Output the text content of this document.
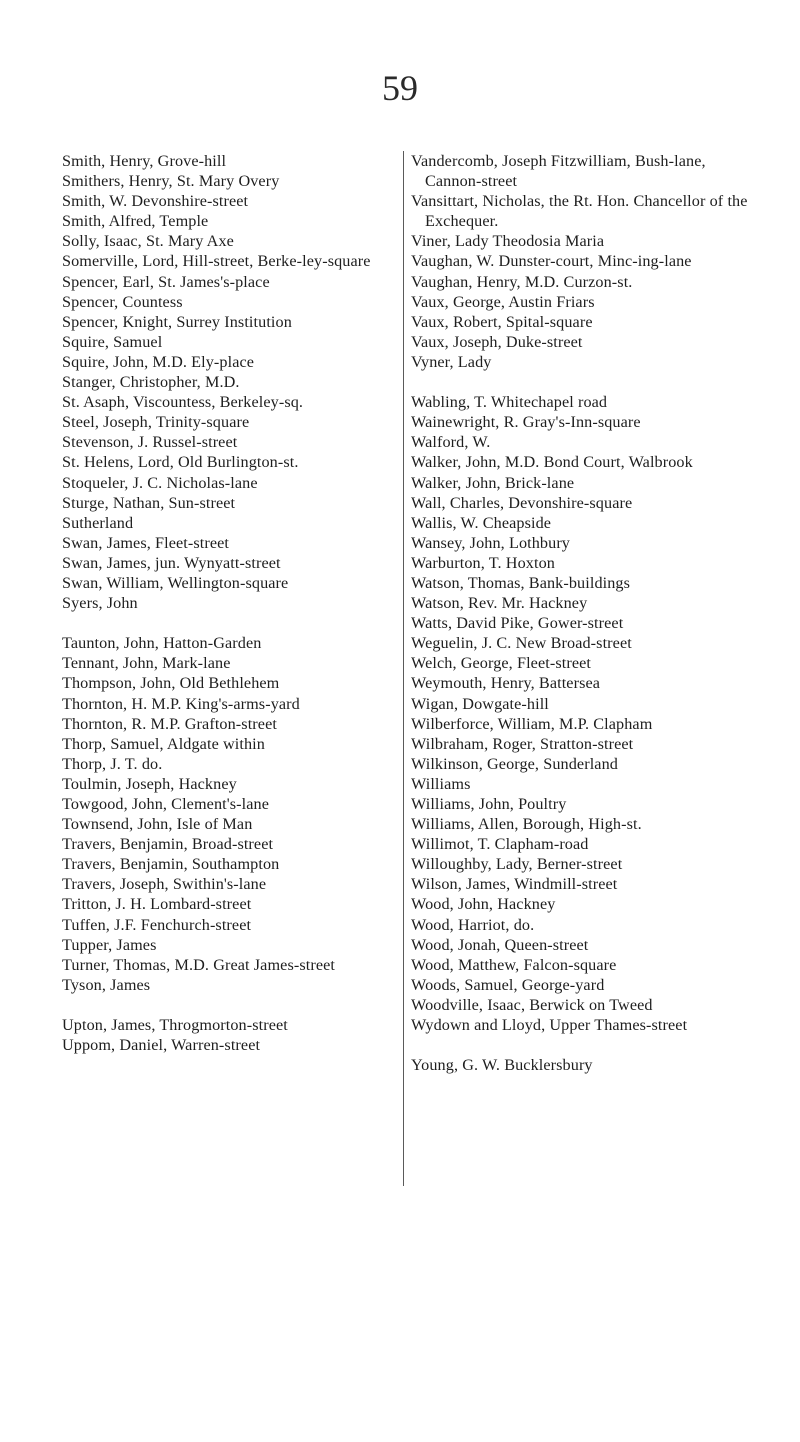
59
Smith, Henry, Grove-hill
Smithers, Henry, St. Mary Overy
Smith, W. Devonshire-street
Smith, Alfred, Temple
Solly, Isaac, St. Mary Axe
Somerville, Lord, Hill-street, Berke-ley-square
Spencer, Earl, St. James's-place
Spencer, Countess
Spencer, Knight, Surrey Institution
Squire, Samuel
Squire, John, M.D. Ely-place
Stanger, Christopher, M.D.
St. Asaph, Viscountess, Berkeley-sq.
Steel, Joseph, Trinity-square
Stevenson, J. Russel-street
St. Helens, Lord, Old Burlington-st.
Stoqueler, J. C. Nicholas-lane
Sturge, Nathan, Sun-street
Sutherland
Swan, James, Fleet-street
Swan, James, jun. Wynyatt-street
Swan, William, Wellington-square
Syers, John
Taunton, John, Hatton-Garden
Tennant, John, Mark-lane
Thompson, John, Old Bethlehem
Thornton, H. M.P. King's-arms-yard
Thornton, R. M.P. Grafton-street
Thorp, Samuel, Aldgate within
Thorp, J. T. do.
Toulmin, Joseph, Hackney
Towgood, John, Clement's-lane
Townsend, John, Isle of Man
Travers, Benjamin, Broad-street
Travers, Benjamin, Southampton
Travers, Joseph, Swithin's-lane
Tritton, J. H. Lombard-street
Tuffen, J.F. Fenchurch-street
Tupper, James
Turner, Thomas, M.D. Great James-street
Tyson, James
Upton, James, Throgmorton-street
Uppom, Daniel, Warren-street
Vandercomb, Joseph Fitzwilliam, Bush-lane, Cannon-street
Vansittart, Nicholas, the Rt. Hon. Chancellor of the Exchequer.
Viner, Lady Theodosia Maria
Vaughan, W. Dunster-court, Minc-ing-lane
Vaughan, Henry, M.D. Curzon-st.
Vaux, George, Austin Friars
Vaux, Robert, Spital-square
Vaux, Joseph, Duke-street
Vyner, Lady
Wabling, T. Whitechapel road
Wainewright, R. Gray's-Inn-square
Walford, W.
Walker, John, M.D. Bond Court, Walbrook
Walker, John, Brick-lane
Wall, Charles, Devonshire-square
Wallis, W. Cheapside
Wansey, John, Lothbury
Warburton, T. Hoxton
Watson, Thomas, Bank-buildings
Watson, Rev. Mr. Hackney
Watts, David Pike, Gower-street
Weguelin, J. C. New Broad-street
Welch, George, Fleet-street
Weymouth, Henry, Battersea
Wigan, Dowgate-hill
Wilberforce, William, M.P. Clapham
Wilbraham, Roger, Stratton-street
Wilkinson, George, Sunderland
Williams
Williams, John, Poultry
Williams, Allen, Borough, High-st.
Willimot, T. Clapham-road
Willoughby, Lady, Berner-street
Wilson, James, Windmill-street
Wood, John, Hackney
Wood, Harriot, do.
Wood, Jonah, Queen-street
Wood, Matthew, Falcon-square
Woods, Samuel, George-yard
Woodville, Isaac, Berwick on Tweed
Wydown and Lloyd, Upper Thames-street
Young, G. W. Bucklersbury
